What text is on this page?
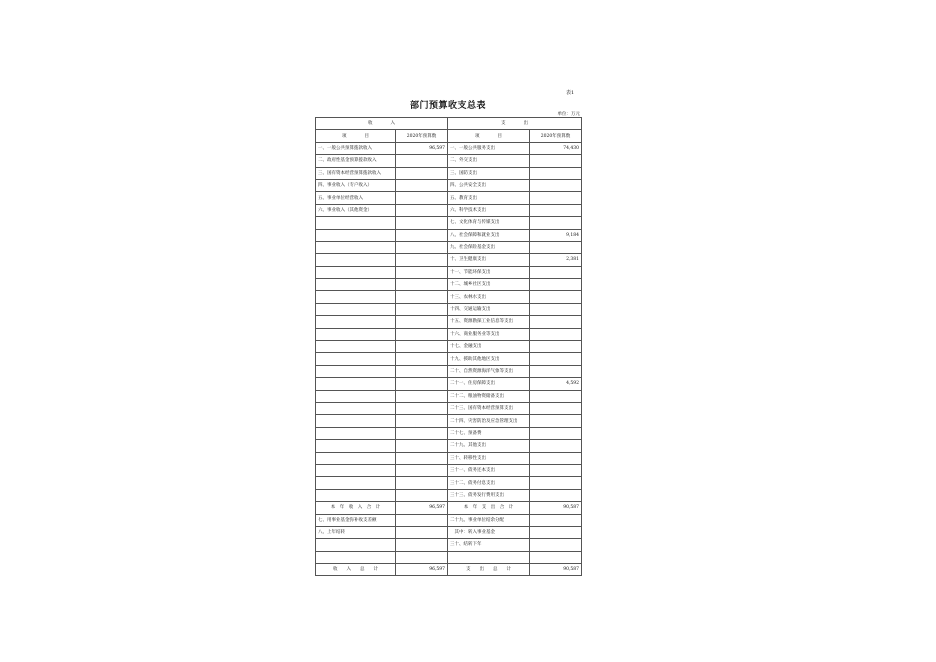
表1
部门预算收支总表
单位：万元
收　　　　入		支　　　　出	
项　　　　目	2020年预算数	项　　　　目	2020年预算数
一、一般公共预算拨款收入	96,597	一、一般公共服务支出	74,430
二、政府性基金预算拨款收入		二、外交支出	
三、国有资本经营预算拨款收入		三、国防支出	
四、事业收入（专户收入）		四、公共安全支出	
五、事业单位经营收入		五、教育支出	
六、事业收入（其他资金）		六、科学技术支出	
		七、文化体育与传媒支出	
		八、社会保障和就业支出	9,184
		九、社会保险基金支出	
		十、卫生健康支出	2,381
		十一、节能环保支出	
		十二、城乡社区支出	
		十三、农林水支出	
		十四、交通运输支出	
		十五、资源勘探工业信息等支出	
		十六、商业服务业等支出	
		十七、金融支出	
		十九、援助其他地区支出	
		二十、自然资源海洋气象等支出	
		二十一、住房保障支出	4,592
		二十二、粮油物资储备支出	
		二十三、国有资本经营预算支出	
		二十四、灾害防治及应急管理支出	
		二十七、预备费	
		二十九、其他支出	
		三十、转移性支出	
		三十一、债务还本支出	
		三十二、债务付息支出	
		三十三、债务发行费用支出	
本　年　收　入　合　计	96,597	本　年　支　出　合　计	90,587
七、用事业基金弥补收支差额		二十九、事业单位结余分配	
八、上年结转		　其中：转入事业基金	
		三十、结转下年	

收　　入　　总　　计	96,597	支　　出　　总　　计	90,587
